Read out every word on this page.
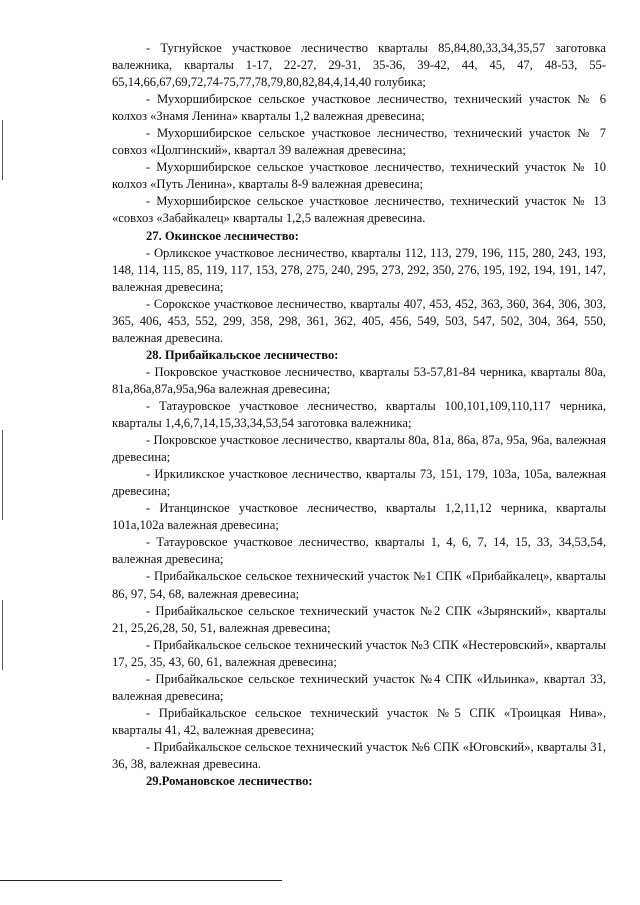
- Тугнуйское участковое лесничество кварталы 85,84,80,33,34,35,57 заготовка валежника, кварталы 1-17, 22-27, 29-31, 35-36, 39-42, 44, 45, 47, 48-53, 55-65,14,66,67,69,72,74-75,77,78,79,80,82,84,4,14,40 голубика;

- Мухоршибирское сельское участковое лесничество, технический участок № 6 колхоз «Знамя Ленина» кварталы 1,2 валежная древесина;

- Мухоршибирское сельское участковое лесничество, технический участок № 7 совхоз «Цолгинский», квартал 39 валежная древесина;

- Мухоршибирское сельское участковое лесничество, технический участок № 10 колхоз «Путь Ленина», кварталы 8-9 валежная древесина;

- Мухоршибирское сельское участковое лесничество, технический участок № 13 «совхоз «Забайкалец» кварталы 1,2,5 валежная древесина.

27. Окинское лесничество:

- Орликское участковое лесничество, кварталы 112, 113, 279, 196, 115, 280, 243, 193, 148, 114, 115, 85, 119, 117, 153, 278, 275, 240, 295, 273, 292, 350, 276, 195, 192, 194, 191, 147, валежная древесина;

- Сорокское участковое лесничество, кварталы 407, 453, 452, 363, 360, 364, 306, 303, 365, 406, 453, 552, 299, 358, 298, 361, 362, 405, 456, 549, 503, 547, 502, 304, 364, 550, валежная древесина.

28. Прибайкальское лесничество:

- Покровское участковое лесничество, кварталы 53-57,81-84 черника, кварталы 80а, 81а,86а,87а,95а,96а валежная древесина;

- Татауровское участковое лесничество, кварталы 100,101,109,110,117 черника, кварталы 1,4,6,7,14,15,33,34,53,54 заготовка валежника;

- Покровское участковое лесничество, кварталы 80а, 81а, 86а, 87а, 95а, 96а, валежная древесина;

- Иркиликское участковое лесничество, кварталы 73, 151, 179, 103а, 105а, валежная древесина;

- Итанцинское участковое лесничество, кварталы 1,2,11,12 черника, кварталы 101а,102а валежная древесина;

- Татауровское участковое лесничество, кварталы 1, 4, 6, 7, 14, 15, 33, 34,53,54, валежная древесина;

- Прибайкальское сельское технический участок №1 СПК «Прибайкалец», кварталы 86, 97, 54, 68, валежная древесина;

- Прибайкальское сельское технический участок №2 СПК «Зырянский», кварталы 21, 25,26,28, 50, 51, валежная древесина;

- Прибайкальское сельское технический участок №3 СПК «Нестеровский», кварталы 17, 25, 35, 43, 60, 61, валежная древесина;

- Прибайкальское сельское технический участок №4 СПК «Ильинка», квартал 33, валежная древесина;

- Прибайкальское сельское технический участок №5 СПК «Троицкая Нива», кварталы 41, 42, валежная древесина;

- Прибайкальское сельское технический участок №6 СПК «Юговский», кварталы 31, 36, 38, валежная древесина.

29.Романовское лесничество:
